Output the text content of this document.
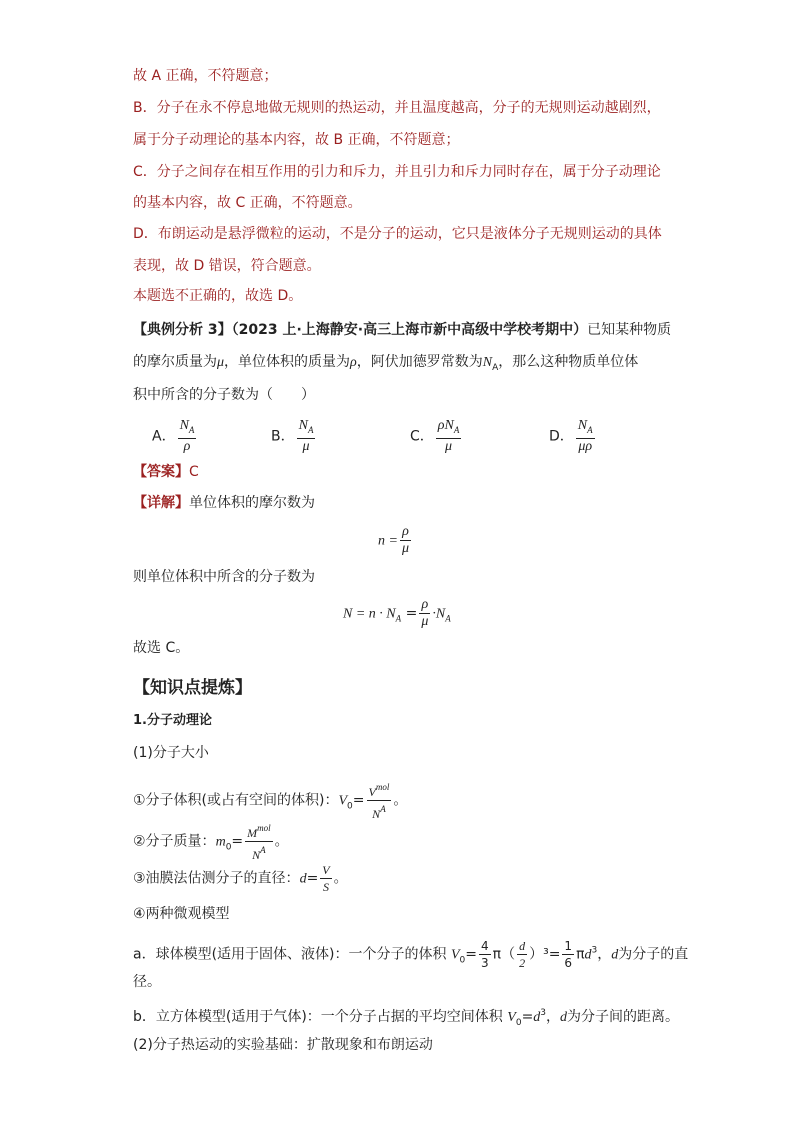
故 A 正确，不符题意；
B．分子在永不停息地做无规则的热运动，并且温度越高，分子的无规则运动越剧烈，
属于分子动理论的基本内容，故 B 正确，不符题意；
C．分子之间存在相互作用的引力和斥力，并且引力和斥力同时存在，属于分子动理论
的基本内容，故 C 正确，不符题意。
D．布朗运动是悬浮微粒的运动，不是分子的运动，它只是液体分子无规则运动的具体
表现，故 D 错误，符合题意。
本题选不正确的，故选 D。
【典例分析 3】（2023 上·上海静安·高三上海市新中高级中学校考期中）已知某种物质
的摩尔质量为μ，单位体积的质量为ρ，阿伏加德罗常数为$N_A$，那么这种物质单位体
积中所含的分子数为（　　）
A． $\frac{N_A}{\rho}$	B． $\frac{N_A}{\mu}$	C． $\frac{\rho N_A}{\mu}$	D． $\frac{N_A}{\mu\rho}$
【答案】C
【详解】单位体积的摩尔数为
$n = \frac{\rho}{\mu}$
则单位体积中所含的分子数为
$N = n \cdot N_A = \frac{\rho}{\mu} \cdot N_A$
故选 C。
【知识点提炼】
1.分子动理论
(1)分子大小
①分子体积(或占有空间的体积)：$V_0= \frac{V^{mol}}{N^A}$ 。
②分子质量：$m_0= \frac{M^{mol}}{N^A}$ 。
③油膜法估测分子的直径：$d= \frac{V}{S}$ 。
④两种微观模型
a．球体模型(适用于固体、液体)：一个分子的体积 $V_0= \frac{4}{3} \pi( \frac{d}{2} )^3= \frac{1}{6} \pi d^3$，d为分子的直
径。
b．立方体模型(适用于气体)：一个分子占据的平均空间体积 $V_0=d^3$，d为分子间的距离。
(2)分子热运动的实验基础：扩散现象和布朗运动
